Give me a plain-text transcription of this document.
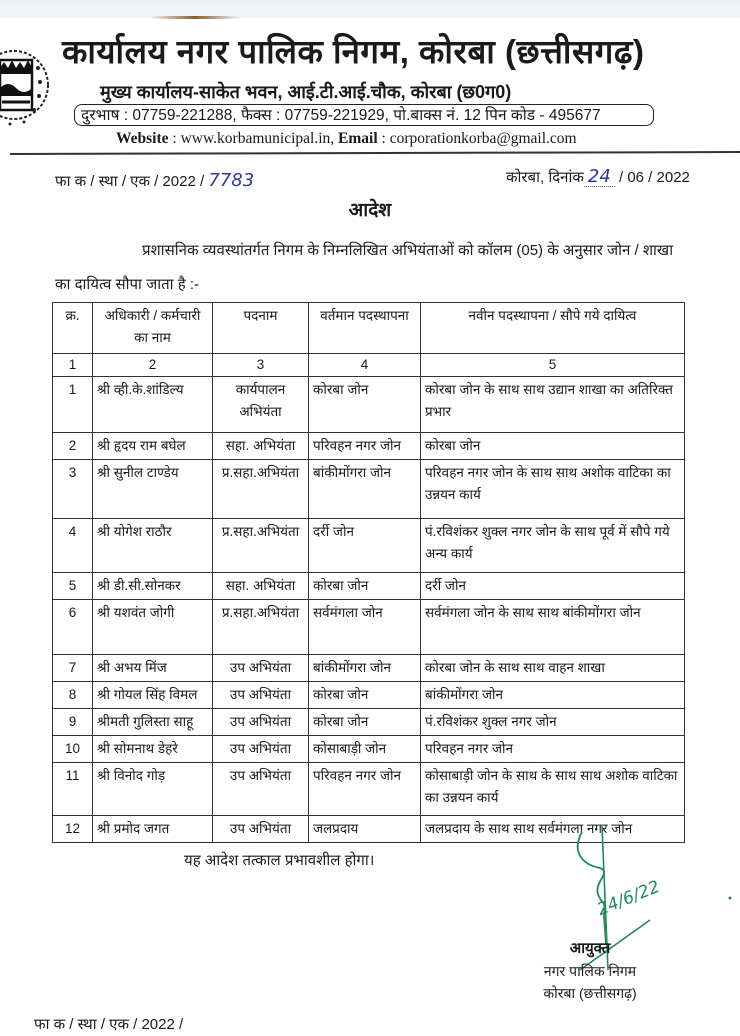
कार्यालय नगर पालिक निगम, कोरबा (छत्तीसगढ़)
मुख्य कार्यालय-साकेत भवन, आई.टी.आई.चौक, कोरबा (छ0ग0)
दुरभाष : 07759-221288, फैक्स : 07759-221929, पो.बाक्स नं. 12 पिन कोड - 495677
Website : www.korbamunicipal.in, Email : corporationkorba@gmail.com
फा क / स्था / एक / 2022 / 7783	कोरबा, दिनांक 24 / 06 / 2022
आदेश
प्रशासनिक व्यवस्थांतर्गत निगम के निम्नलिखित अभियंताओं को कॉलम (05) के अनुसार जोन / शाखा
का दायित्व सौपा जाता है :-
क्र.	अधिकारी / कर्मचारी का नाम	पदनाम	वर्तमान पदस्थापना	नवीन पदस्थापना / सौपे गये दायित्व
1	2	3	4	5
1	श्री व्ही.के.शांडिल्य	कार्यपालन अभियंता	कोरबा जोन	कोरबा जोन के साथ साथ उद्यान शाखा का अतिरिक्त प्रभार
2	श्री हृदय राम बघेल	सहा. अभियंता	परिवहन नगर जोन	कोरबा जोन
3	श्री सुनील टाण्डेय	प्र.सहा.अभियंता	बांकीमोंगरा जोन	परिवहन नगर जोन के साथ साथ अशोक वाटिका का उन्नयन कार्य
4	श्री योगेश राठौर	प्र.सहा.अभियंता	दर्री जोन	पं.रविशंकर शुक्ल नगर जोन के साथ पूर्व में सौपे गये अन्य कार्य
5	श्री डी.सी.सोनकर	सहा. अभियंता	कोरबा जोन	दर्री जोन
6	श्री यशवंत जोगी	प्र.सहा.अभियंता	सर्वमंगला जोन	सर्वमंगला जोन के साथ साथ बांकीमोंगरा जोन
7	श्री अभय मिंज	उप अभियंता	बांकीमोंगरा जोन	कोरबा जोन के साथ साथ वाहन शाखा
8	श्री गोयल सिंह विमल	उप अभियंता	कोरबा जोन	बांकीमोंगरा जोन
9	श्रीमती गुलिस्ता साहू	उप अभियंता	कोरबा जोन	पं.रविशंकर शुक्ल नगर जोन
10	श्री सोमनाथ डेहरे	उप अभियंता	कोसाबाड़ी जोन	परिवहन नगर जोन
11	श्री विनोद गोड़	उप अभियंता	परिवहन नगर जोन	कोसाबाड़ी जोन के साथ के साथ साथ अशोक वाटिका का उन्नयन कार्य
12	श्री प्रमोद जगत	उप अभियंता	जलप्रदाय	जलप्रदाय के साथ साथ सर्वमंगला नगर जोन
यह आदेश तत्काल प्रभावशील होगा।
24/6/22
आयुक्त
नगर पालिक निगम
कोरबा (छत्तीसगढ़)
फा क / स्था / एक / 2022 /
